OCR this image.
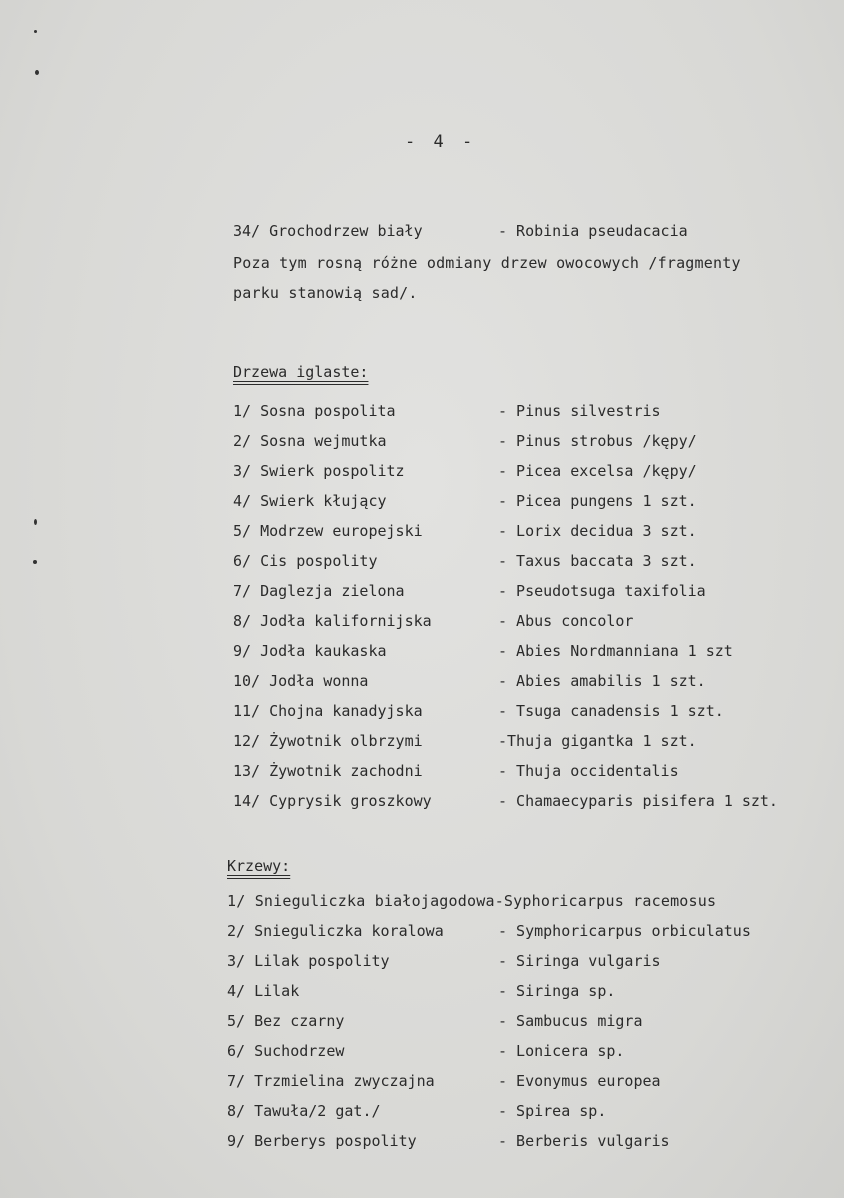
- 4 -
34/ Grochodrzew biały	- Robinia pseudacacia
Poza tym rosną różne odmiany drzew owocowych /fragmenty
parku stanowią sad/.
Drzewa iglaste:
1/ Sosna pospolita	- Pinus silvestris
2/ Sosna wejmutka	- Pinus strobus /kępy/
3/ Swierk pospolitz	- Picea excelsa /kępy/
4/ Swierk kłujący	- Picea pungens 1 szt.
5/ Modrzew europejski	- Lorix decidua 3 szt.
6/ Cis pospolity	- Taxus baccata 3 szt.
7/ Daglezja zielona	- Pseudotsuga taxifolia
8/ Jodła kalifornijska	- Abus concolor
9/ Jodła kaukaska	- Abies Nordmanniana 1 szt
10/ Jodła wonna	- Abies amabilis 1 szt.
11/ Chojna kanadyjska	- Tsuga canadensis 1 szt.
12/ Żywotnik olbrzymi	-Thuja gigantka 1 szt.
13/ Żywotnik zachodni	- Thuja occidentalis
14/ Cyprysik groszkowy	- Chamaecyparis pisifera 1 szt.
Krzewy:
1/ Snieguliczka białojagodowa-Syphoricarpus racemosus
2/ Snieguliczka koralowa	- Symphoricarpus orbiculatus
3/ Lilak pospolity	- Siringa vulgaris
4/ Lilak	- Siringa sp.
5/ Bez czarny	- Sambucus migra
6/ Suchodrzew	- Lonicera sp.
7/ Trzmielina zwyczajna	- Evonymus europea
8/ Tawuła/2 gat./	- Spirea sp.
9/ Berberys pospolity	- Berberis vulgaris
